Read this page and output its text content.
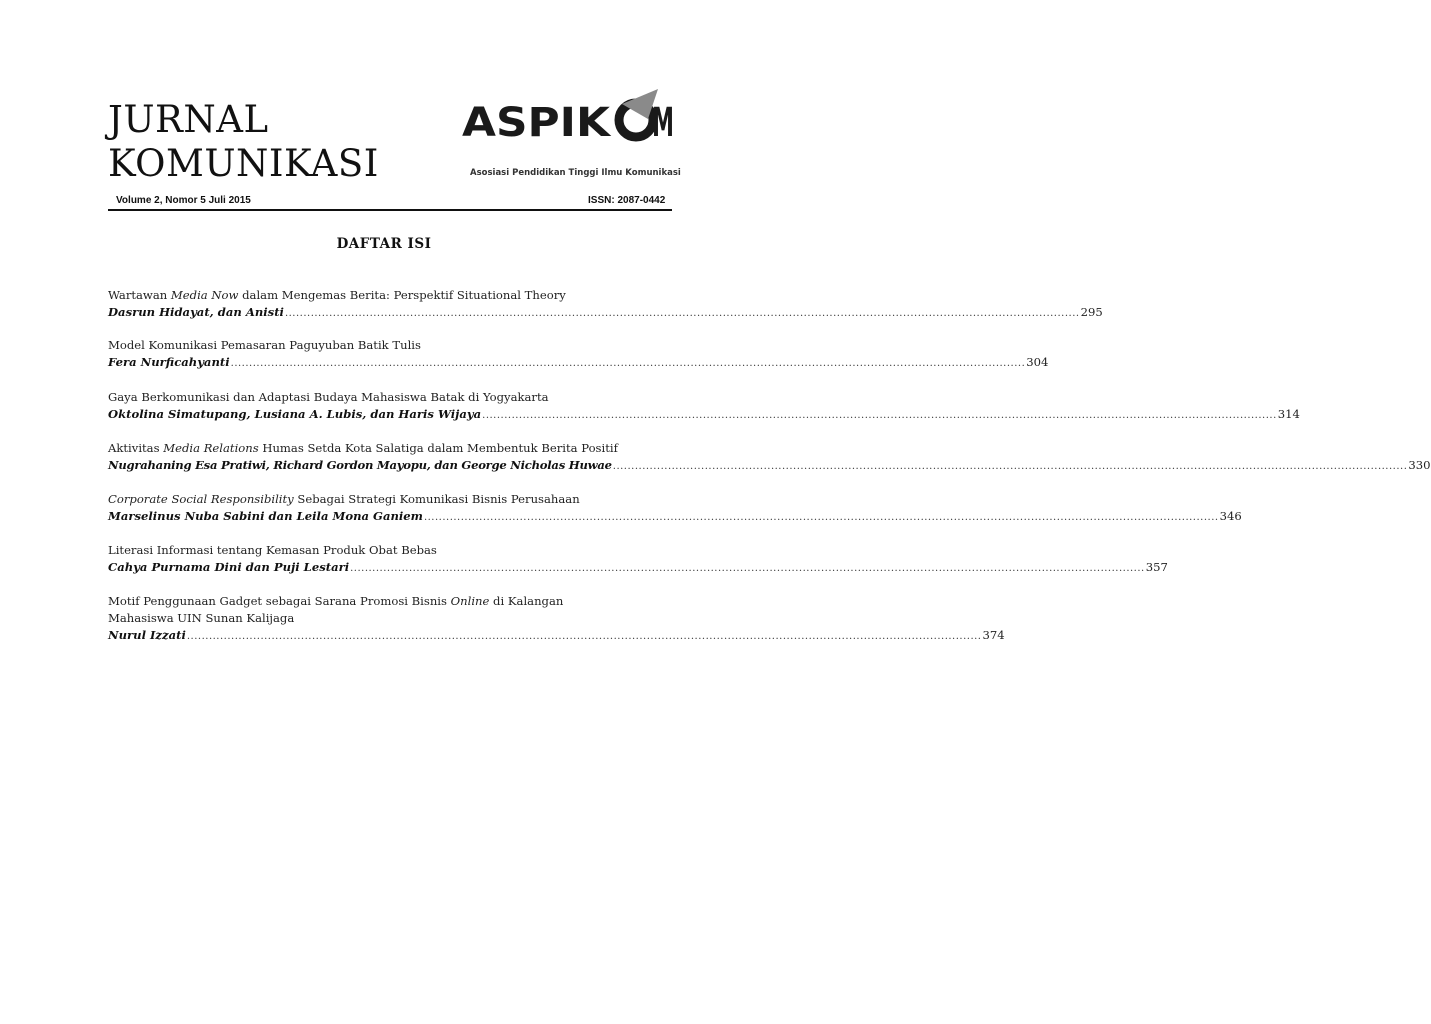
JURNAL
KOMUNIKASI
ASPIK M

Asosiasi Pendidikan Tinggi Ilmu Komunikasi

Volume 2, Nomor 5 Juli 2015	ISSN: 2087-0442
DAFTAR ISI
Wartawan Media Now dalam Mengemas Berita: Perspektif Situational Theory
Dasrun Hidayat, dan Anisti ........................................................................................................................................................................................................................ 295
Model Komunikasi Pemasaran Paguyuban Batik Tulis
Fera Nurficahyanti ........................................................................................................................................................................................................................ 304
Gaya Berkomunikasi dan Adaptasi Budaya Mahasiswa Batak di Yogyakarta
Oktolina Simatupang, Lusiana A. Lubis, dan Haris Wijaya ........................................................................................................................................................................................................................ 314
Aktivitas Media Relations Humas Setda Kota Salatiga dalam Membentuk Berita Positif
Nugrahaning Esa Pratiwi, Richard Gordon Mayopu, dan George Nicholas Huwae ........................................................................................................................................................................................................................ 330
Corporate Social Responsibility Sebagai Strategi Komunikasi Bisnis Perusahaan
Marselinus Nuba Sabini dan Leila Mona Ganiem ........................................................................................................................................................................................................................ 346
Literasi Informasi tentang Kemasan Produk Obat Bebas
Cahya Purnama Dini dan Puji Lestari ........................................................................................................................................................................................................................ 357
Motif Penggunaan Gadget sebagai Sarana Promosi Bisnis Online di Kalangan
Mahasiswa UIN Sunan Kalijaga
Nurul Izzati ........................................................................................................................................................................................................................ 374
